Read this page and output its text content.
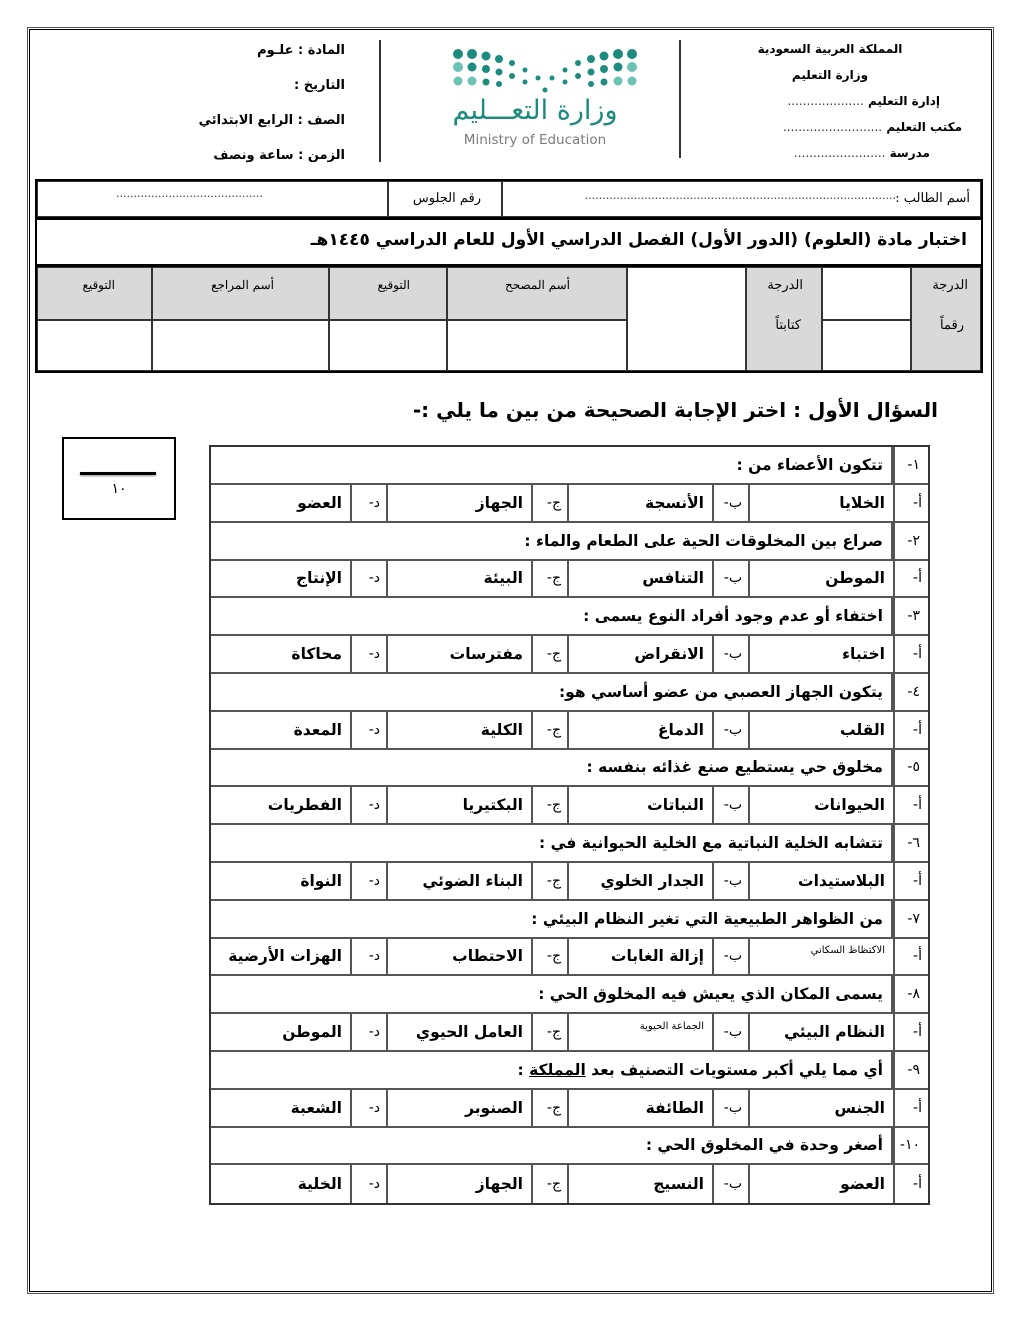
المملكة العربية السعودية
وزارة التعليم
إدارة التعليم ....................
مكتب التعليم ..........................
مدرسة ........................
وزارة التعـــليم
Ministry of Education
المادة : علـوم
التاريخ :
الصف : الرابع الابتدائي
الزمن : ساعة ونصف
أسم الطالب :
.........................................................................................
رقم الجلوس
..........................................
اختبار مادة (العلوم) (الدور الأول) الفصل الدراسي الأول للعام الدراسي ١٤٤٥هـ
الدرجة
رقماً
الدرجة
كتابتاً
أسم المصحح
التوقيع
أسم المراجع
التوقيع
السؤال الأول : اختر الإجابة الصحيحة من بين ما يلي :-
١٠
١-
تتكون الأعضاء من :
أ-
الخلايا
ب-
الأنسجة
ج-
الجهاز
د-
العضو
٢-
صراع بين المخلوقات الحية على الطعام والماء :
أ-
الموطن
ب-
التنافس
ج-
البيئة
د-
الإنتاج
٣-
اختفاء أو عدم وجود أفراد النوع يسمى :
أ-
اختباء
ب-
الانقراض
ج-
مفترسات
د-
محاكاة
٤-
يتكون الجهاز العصبي من عضو أساسي هو:
أ-
القلب
ب-
الدماغ
ج-
الكلية
د-
المعدة
٥-
مخلوق حي يستطيع صنع غذائه بنفسه :
أ-
الحيوانات
ب-
النباتات
ج-
البكتيريا
د-
الفطريات
٦-
تتشابه الخلية النباتية مع الخلية الحيوانية في :
أ-
البلاستيدات
ب-
الجدار الخلوي
ج-
البناء الضوئي
د-
النواة
٧-
من الظواهر الطبيعية التي تغير النظام البيئي :
أ-
الاكتظاظ السكاني
ب-
إزالة الغابات
ج-
الاحتطاب
د-
الهزات الأرضية
٨-
يسمى المكان الذي يعيش فيه المخلوق الحي :
أ-
النظام البيئي
ب-
الجماعة الحيوية
ج-
العامل الحيوي
د-
الموطن
٩-
أي مما يلي أكبر مستويات التصنيف بعد
المملكة
:
أ-
الجنس
ب-
الطائفة
ج-
الصنوبر
د-
الشعبة
١٠-
أصغر وحدة في المخلوق الحي :
أ-
العضو
ب-
النسيج
ج-
الجهاز
د-
الخلية
